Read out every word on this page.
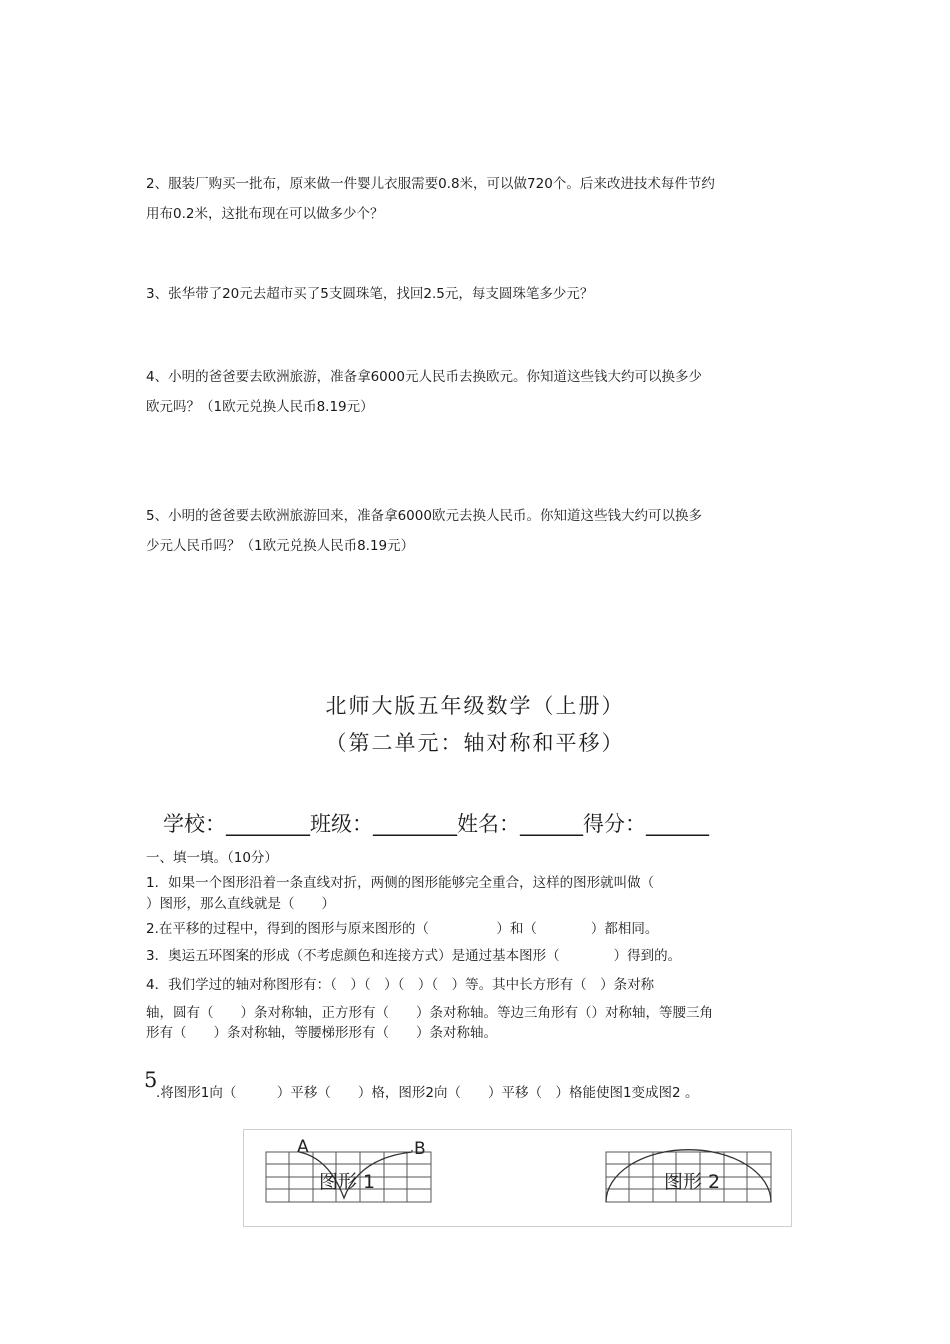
2、服装厂购买一批布，原来做一件婴儿衣服需要0.8米，可以做720个。后来改进技术每件节约
用布0.2米，这批布现在可以做多少个？
3、张华带了20元去超市买了5支圆珠笔，找回2.5元，每支圆珠笔多少元？
4、小明的爸爸要去欧洲旅游，准备拿6000元人民币去换欧元。你知道这些钱大约可以换多少
欧元吗？（1欧元兑换人民币8.19元）
5、小明的爸爸要去欧洲旅游回来，准备拿6000欧元去换人民币。你知道这些钱大约可以换多
少元人民币吗？（1欧元兑换人民币8.19元）
北师大版五年级数学（上册）
（第二单元：轴对称和平移）
学校：________班级：________姓名：______得分：______
一、填一填。（10分）
1．如果一个图形沿着一条直线对折，两侧的图形能够完全重合，这样的图形就叫做（
）图形，那么直线就是（　　）
2.在平移的过程中，得到的图形与原来图形的（　　　　　）和（　　　　）都相同。
3．奥运五环图案的形成（不考虑颜色和连接方式）是通过基本图形（　　　　）得到的。
4．我们学过的轴对称图形有：（　）（　）（　）（　）等。其中长方形有（　）条对称
轴，圆有（　　）条对称轴，正方形有（　　）条对称轴。等边三角形有（）对称轴，等腰三角
形有（　　）条对称轴，等腰梯形形有（　　）条对称轴。
5
.将图形1向（　　　）平移（　　）格，图形2向（　　）平移（　）格能使图1变成图2 。
A	B
图形 1	图形 2
